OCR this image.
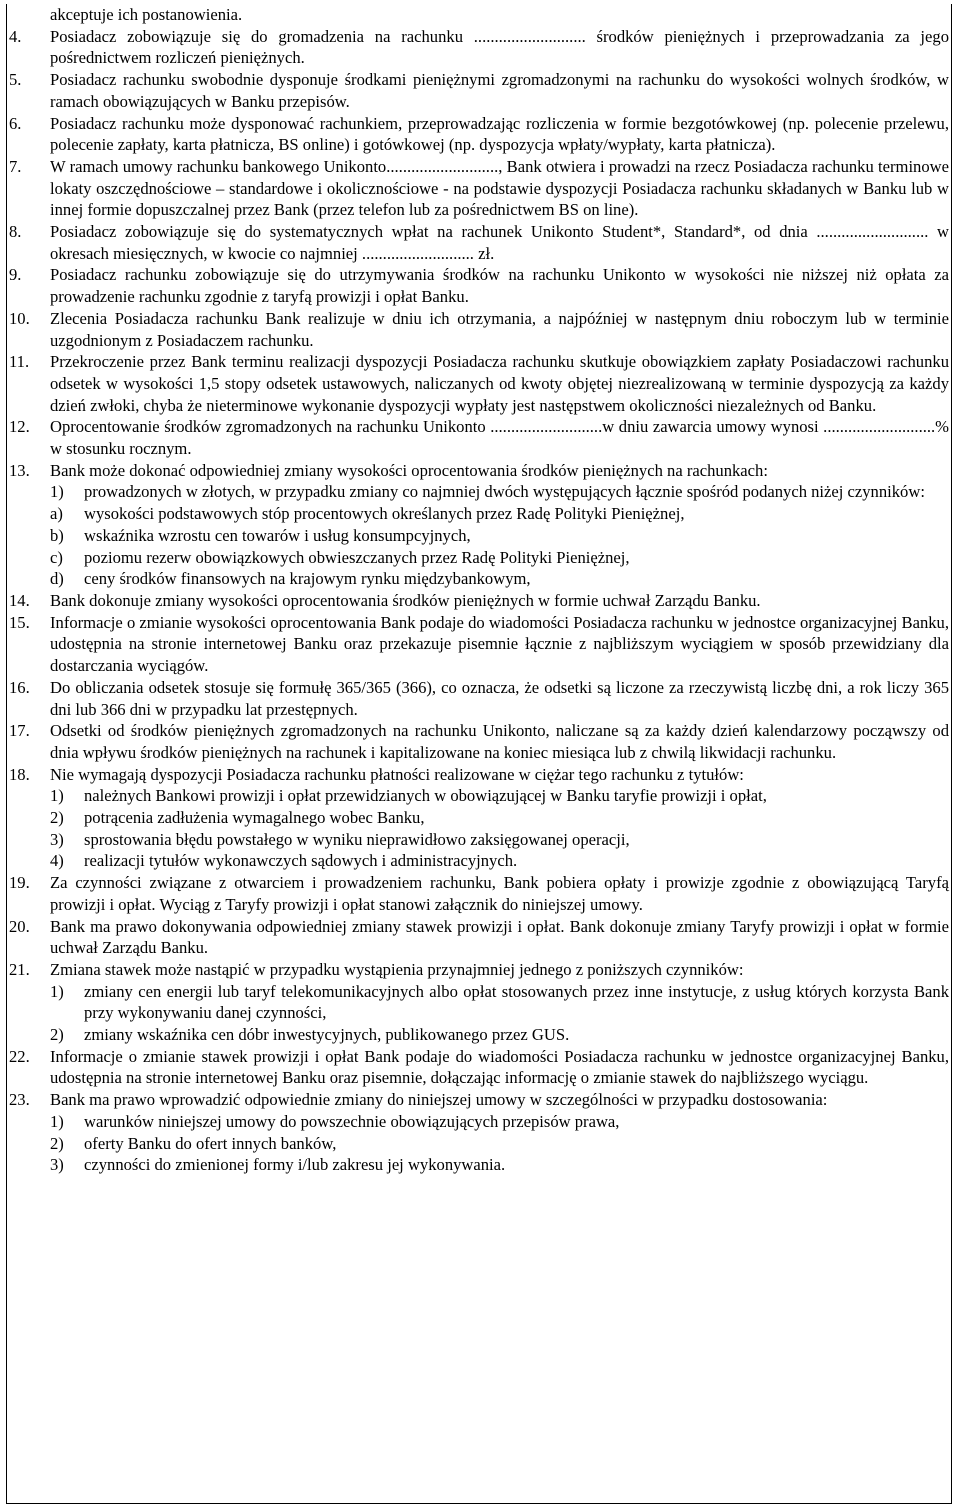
akceptuje ich postanowienia.
4.	Posiadacz zobowiązuje się do gromadzenia na rachunku ........................... środków pieniężnych i przeprowadzania za jego pośrednictwem rozliczeń pieniężnych.
5.	Posiadacz rachunku swobodnie dysponuje środkami pieniężnymi zgromadzonymi na rachunku do wysokości wolnych środków, w ramach obowiązujących w Banku przepisów.
6.	Posiadacz rachunku może dysponować rachunkiem, przeprowadzając rozliczenia w formie bezgotówkowej (np. polecenie przelewu, polecenie zapłaty, karta płatnicza, BS online) i gotówkowej (np. dyspozycja wpłaty/wypłaty, karta płatnicza).
7.	W ramach umowy rachunku bankowego Unikonto..........................., Bank otwiera i prowadzi na rzecz Posiadacza rachunku terminowe lokaty oszczędnościowe – standardowe i okolicznościowe - na podstawie dyspozycji Posiadacza rachunku składanych w Banku lub w innej formie dopuszczalnej przez Bank (przez telefon lub za pośrednictwem BS on line).
8.	Posiadacz zobowiązuje się do systematycznych wpłat na rachunek Unikonto Student*, Standard*, od dnia ........................... w okresach miesięcznych, w kwocie co najmniej ........................... zł.
9.	Posiadacz rachunku zobowiązuje się do utrzymywania środków na rachunku Unikonto w wysokości nie niższej niż opłata za prowadzenie rachunku zgodnie z taryfą prowizji i opłat Banku.
10.	Zlecenia Posiadacza rachunku Bank realizuje w dniu ich otrzymania, a najpóźniej w następnym dniu roboczym lub w terminie uzgodnionym z Posiadaczem rachunku.
11.	Przekroczenie przez Bank terminu realizacji dyspozycji Posiadacza rachunku skutkuje obowiązkiem zapłaty Posiadaczowi rachunku odsetek w wysokości 1,5 stopy odsetek ustawowych, naliczanych od kwoty objętej niezrealizowaną w terminie dyspozycją za każdy dzień zwłoki, chyba że nieterminowe wykonanie dyspozycji wypłaty jest następstwem okoliczności niezależnych od Banku.
12.	Oprocentowanie środków zgromadzonych na rachunku Unikonto ...........................w dniu zawarcia umowy wynosi ...........................% w stosunku rocznym.
13.	Bank może dokonać odpowiedniej zmiany wysokości oprocentowania środków pieniężnych na rachunkach:
1)	prowadzonych w złotych, w przypadku zmiany co najmniej dwóch występujących łącznie spośród podanych niżej czynników:
a)	wysokości podstawowych stóp procentowych określanych przez Radę Polityki Pieniężnej,
b)	wskaźnika wzrostu cen towarów i usług konsumpcyjnych,
c)	poziomu rezerw obowiązkowych obwieszczanych przez Radę Polityki Pieniężnej,
d)	ceny środków finansowych na krajowym rynku międzybankowym,
14.	Bank dokonuje zmiany wysokości oprocentowania środków pieniężnych w formie uchwał Zarządu Banku.
15.	Informacje o zmianie wysokości oprocentowania Bank podaje do wiadomości Posiadacza rachunku w jednostce organizacyjnej Banku, udostępnia na stronie internetowej Banku oraz przekazuje pisemnie łącznie z najbliższym wyciągiem w sposób przewidziany dla dostarczania wyciągów.
16.	Do obliczania odsetek stosuje się formułę 365/365 (366), co oznacza, że odsetki są liczone za rzeczywistą liczbę dni, a rok liczy 365 dni lub 366 dni w przypadku lat przestępnych.
17.	Odsetki od środków pieniężnych zgromadzonych na rachunku Unikonto, naliczane są za każdy dzień kalendarzowy począwszy od dnia wpływu środków pieniężnych na rachunek i kapitalizowane na koniec miesiąca lub z chwilą likwidacji rachunku.
18.	Nie wymagają dyspozycji Posiadacza rachunku płatności realizowane w ciężar tego rachunku z tytułów:
1)	należnych Bankowi prowizji i opłat przewidzianych w obowiązującej w Banku taryfie prowizji i opłat,
2)	potrącenia zadłużenia wymagalnego wobec Banku,
3)	sprostowania błędu powstałego w wyniku nieprawidłowo zaksięgowanej operacji,
4)	realizacji tytułów wykonawczych sądowych i administracyjnych.
19.	Za czynności związane z otwarciem i prowadzeniem rachunku, Bank pobiera opłaty i prowizje zgodnie z obowiązującą Taryfą prowizji i opłat. Wyciąg z Taryfy prowizji i opłat stanowi załącznik do niniejszej umowy.
20.	Bank ma prawo dokonywania odpowiedniej zmiany stawek prowizji i opłat. Bank dokonuje zmiany Taryfy prowizji i opłat w formie uchwał Zarządu Banku.
21.	Zmiana stawek może nastąpić w przypadku wystąpienia przynajmniej jednego z poniższych czynników:
1)	zmiany cen energii lub taryf telekomunikacyjnych albo opłat stosowanych przez inne instytucje, z usług których korzysta Bank przy wykonywaniu danej czynności,
2)	zmiany wskaźnika cen dóbr inwestycyjnych, publikowanego przez GUS.
22.	Informacje o zmianie stawek prowizji i opłat Bank podaje do wiadomości Posiadacza rachunku w jednostce organizacyjnej Banku, udostępnia na stronie internetowej Banku oraz pisemnie, dołączając informację o zmianie stawek do najbliższego wyciągu.
23.	Bank ma prawo wprowadzić odpowiednie zmiany do niniejszej umowy w szczególności w przypadku dostosowania:
1)	warunków niniejszej umowy do powszechnie obowiązujących przepisów prawa,
2)	oferty Banku do ofert innych banków,
3)	czynności do zmienionej formy i/lub zakresu jej wykonywania.
